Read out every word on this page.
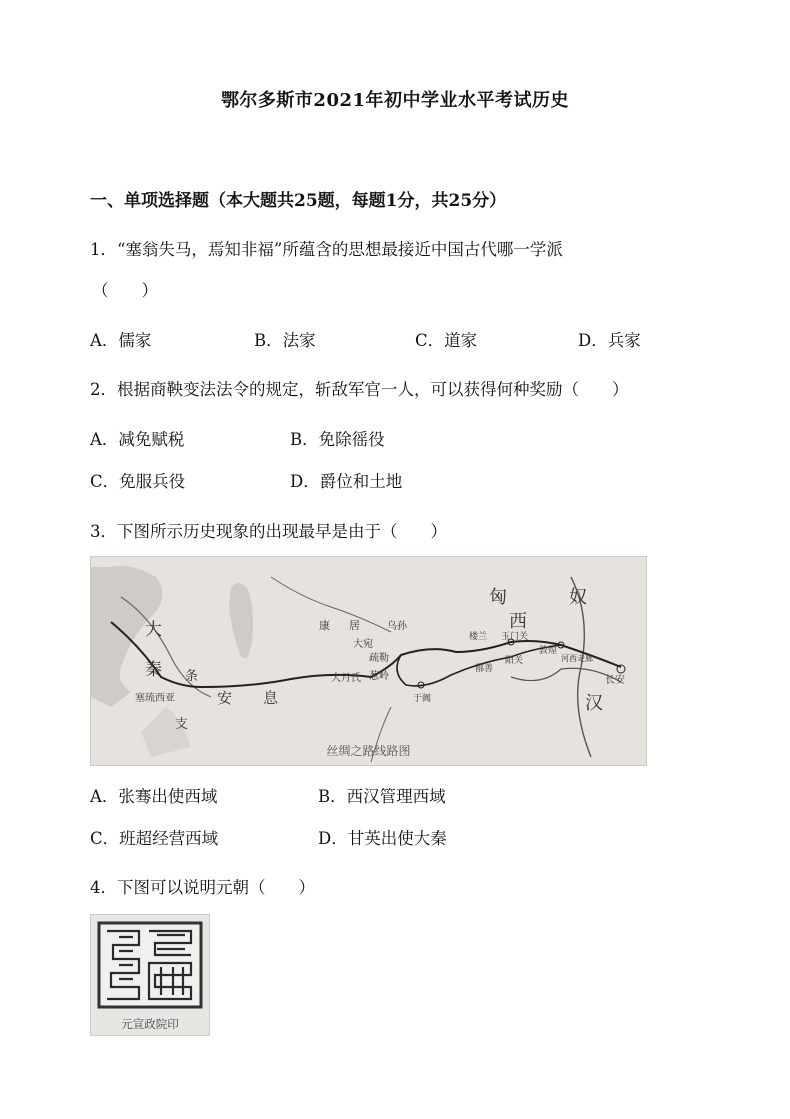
鄂尔多斯市2021年初中学业水平考试历史
一、单项选择题（本大题共25题，每题1分，共25分）
1．“塞翁失马，焉知非福”所蕴含的思想最接近中国古代哪一学派
（　　）
A．儒家	B．法家	C．道家	D．兵家
2．根据商鞅变法法令的规定，斩敌军官一人，可以获得何种奖励（　　）
A．减免赋税	B．免除徭役
C．免服兵役	D．爵位和土地
3．下图所示历史现象的出现最早是由于（　　）
匈	奴
西
汉
大
秦 条
支
安 息
康 居
大宛
乌孙
疏勒
葱岭
大月氏
于阗
楼兰 玉门关
敦煌
阳关	河西走廊
长安
鄯善
塞琉西亚
丝绸之路线路图
A．张骞出使西域	B．西汉管理西域
C．班超经营西域	D．甘英出使大秦
4．下图可以说明元朝（　　）
元宣政院印
